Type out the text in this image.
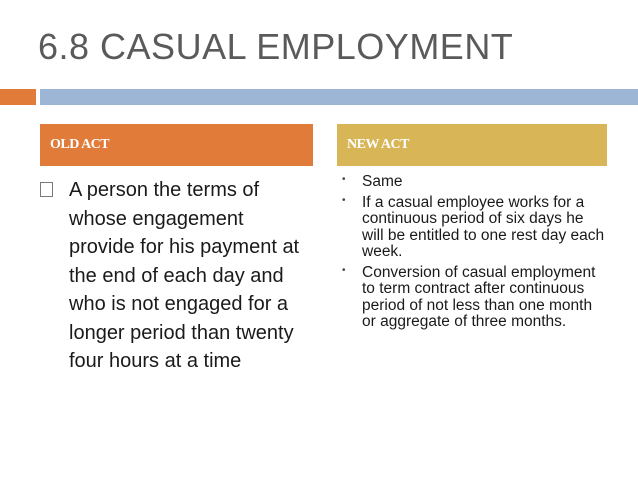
6.8 CASUAL EMPLOYMENT
OLD ACT	NEW ACT
A person the terms of whose engagement provide for his payment at the end of each day and who is not engaged for a longer period than twenty four hours at a time
•	Same
•	If a casual employee works for a continuous period of six days he will be entitled to one rest day each week.
•	Conversion of casual employment to term contract after continuous period of not less than one month or aggregate of three months.
